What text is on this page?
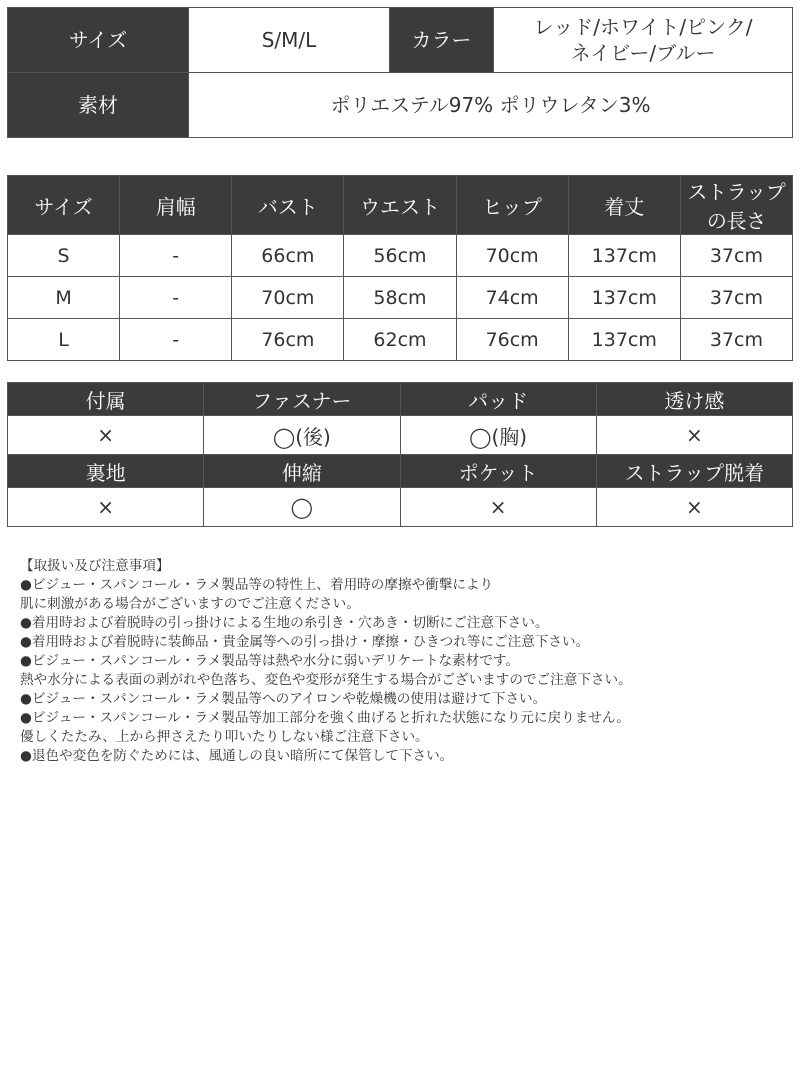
サイズ	S/M/L	カラー	レッド/ホワイト/ピンク/
ネイビー/ブルー

素材	ポリエステル97% ポリウレタン3%		
サイズ	肩幅	バスト	ウエスト	ヒップ	着丈	ストラップの長さ
S	-	66cm	56cm	70cm	137cm	37cm
M	-	70cm	58cm	74cm	137cm	37cm
L	-	76cm	62cm	76cm	137cm	37cm
付属	ファスナー	パッド	透け感
×	◯(後)	◯(胸)	×
裏地	伸縮	ポケット	ストラップ脱着
×	◯	×	×
【取扱い及び注意事項】
●ビジュー・スパンコール・ラメ製品等の特性上、着用時の摩擦や衝撃により
肌に刺激がある場合がございますのでご注意ください。
●着用時および着脱時の引っ掛けによる生地の糸引き・穴あき・切断にご注意下さい。
●着用時および着脱時に装飾品・貴金属等への引っ掛け・摩擦・ひきつれ等にご注意下さい。
●ビジュー・スパンコール・ラメ製品等は熱や水分に弱いデリケートな素材です。
熱や水分による表面の剥がれや色落ち、変色や変形が発生する場合がございますのでご注意下さい。
●ビジュー・スパンコール・ラメ製品等へのアイロンや乾燥機の使用は避けて下さい。
●ビジュー・スパンコール・ラメ製品等加工部分を強く曲げると折れた状態になり元に戻りません。
優しくたたみ、上から押さえたり叩いたりしない様ご注意下さい。
●退色や変色を防ぐためには、風通しの良い暗所にて保管して下さい。
